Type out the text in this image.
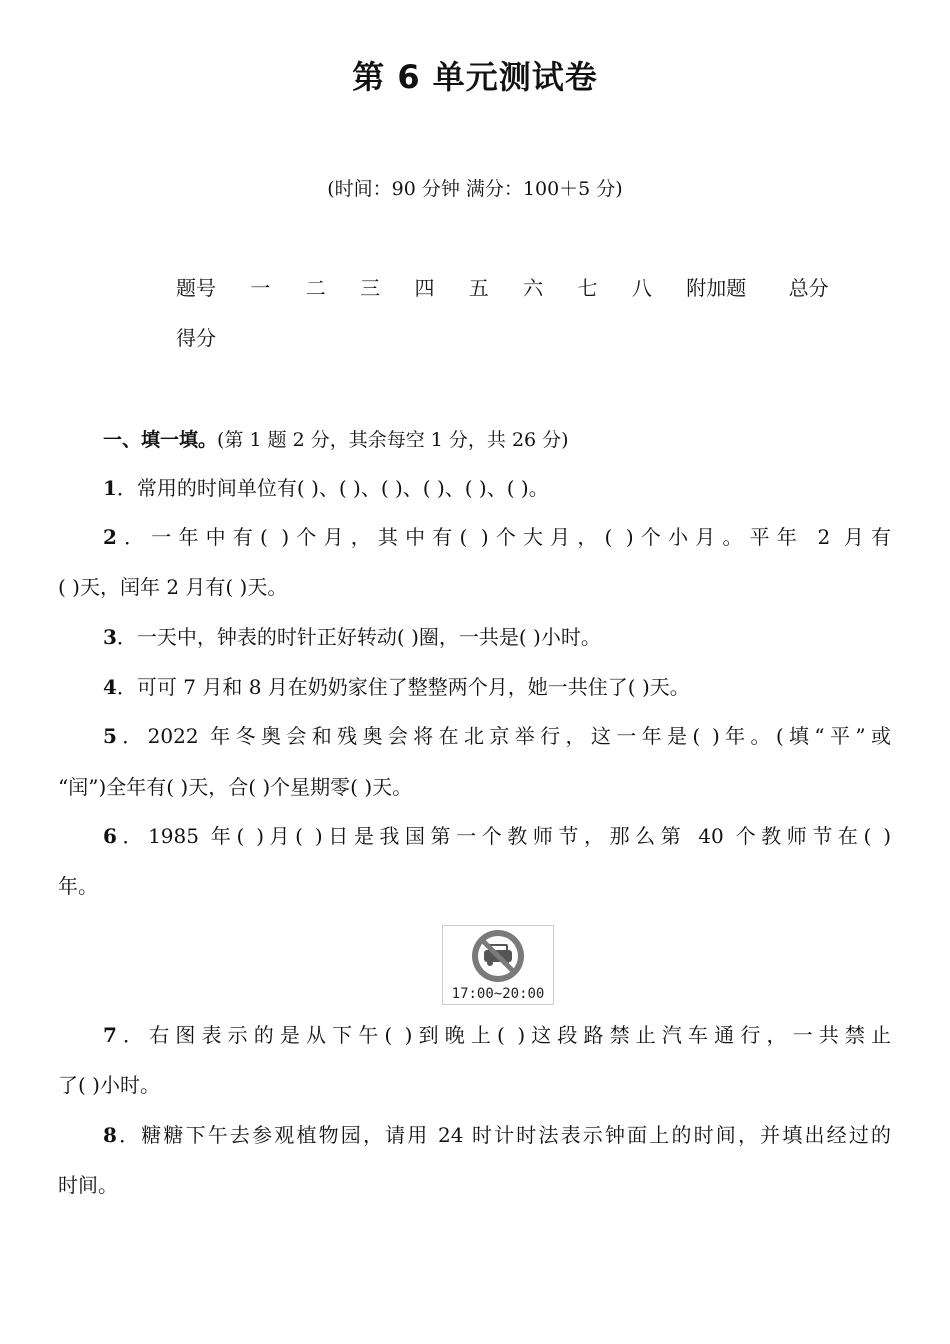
第 6 单元测试卷
(时间：90 分钟 满分：100＋5 分)
题号 一 二 三 四 五 六 七 八 附加题 总分
得分
一、填一填。(第 1 题 2 分，其余每空 1 分，共 26 分)
1．常用的时间单位有( )、( )、( )、( )、( )、( )。
2．一年中有( )个月，其中有( )个大月，( )个小月。平年 2 月有
( )天，闰年 2 月有( )天。
3．一天中，钟表的时针正好转动( )圈，一共是( )小时。
4．可可 7 月和 8 月在奶奶家住了整整两个月，她一共住了( )天。
5．2022 年冬奥会和残奥会将在北京举行，这一年是( )年。(填“平”或
“闰”)全年有( )天，合( )个星期零( )天。
6．1985 年( )月( )日是我国第一个教师节，那么第 40 个教师节在( )
年。
17:00~20:00
7．右图表示的是从下午( )到晚上( )这段路禁止汽车通行，一共禁止
了( )小时。
8．糖糖下午去参观植物园，请用 24 时计时法表示钟面上的时间，并填出经过的
时间。
